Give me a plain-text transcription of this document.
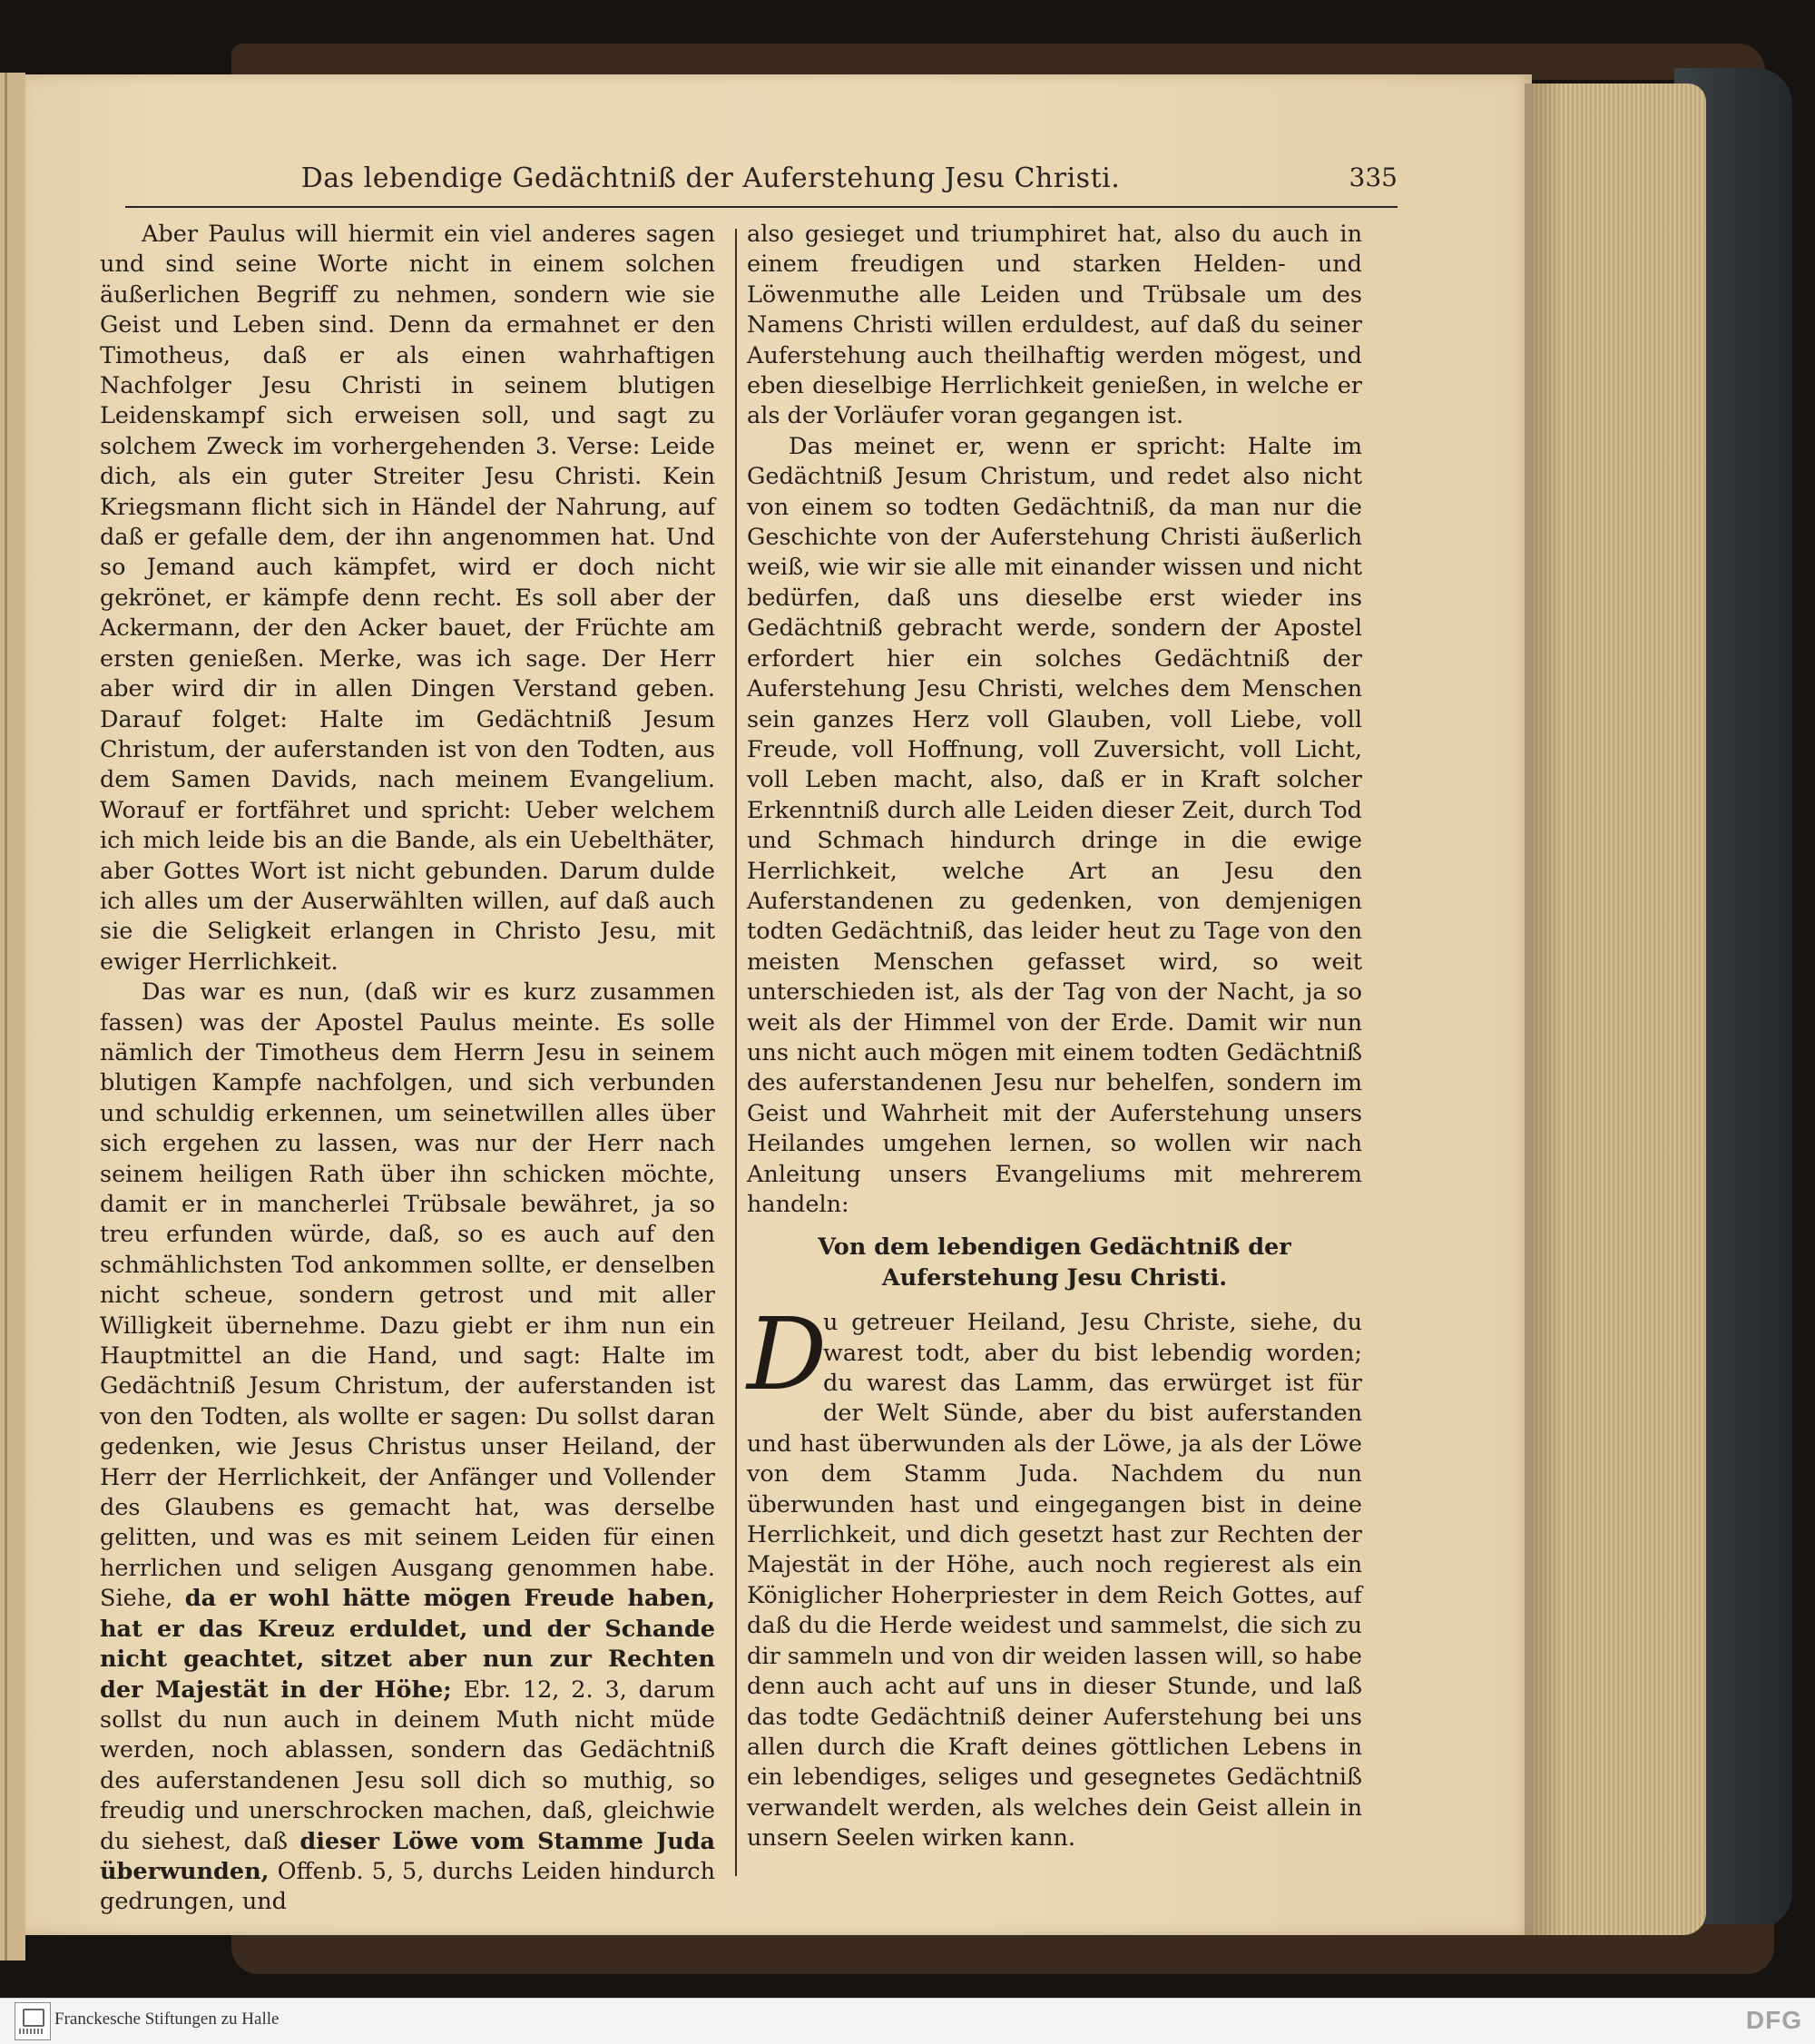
Das lebendige Gedächtniß der Auferstehung Jesu Christi.	335

Aber Paulus will hiermit ein viel anderes sagen und sind seine Worte nicht in einem solchen äußerlichen Begriff zu nehmen, sondern wie sie Geist und Leben sind. Denn da ermahnet er den Timotheus, daß er als einen wahrhaftigen Nachfolger Jesu Christi in seinem blutigen Leidenskampf sich erweisen soll, und sagt zu solchem Zweck im vorhergehenden 3. Verse: Leide dich, als ein guter Streiter Jesu Christi. Kein Kriegsmann flicht sich in Händel der Nahrung, auf daß er gefalle dem, der ihn angenommen hat. Und so Jemand auch kämpfet, wird er doch nicht gekrönet, er kämpfe denn recht. Es soll aber der Ackermann, der den Acker bauet, der Früchte am ersten genießen. Merke, was ich sage. Der Herr aber wird dir in allen Dingen Verstand geben. Darauf folget: Halte im Gedächtniß Jesum Christum, der auferstanden ist von den Todten, aus dem Samen Davids, nach meinem Evangelium. Worauf er fortfähret und spricht: Ueber welchem ich mich leide bis an die Bande, als ein Uebelthäter, aber Gottes Wort ist nicht gebunden. Darum dulde ich alles um der Auserwählten willen, auf daß auch sie die Seligkeit erlangen in Christo Jesu, mit ewiger Herrlichkeit.

Das war es nun, (daß wir es kurz zusammen fassen) was der Apostel Paulus meinte. Es solle nämlich der Timotheus dem Herrn Jesu in seinem blutigen Kampfe nachfolgen, und sich verbunden und schuldig erkennen, um seinetwillen alles über sich ergehen zu lassen, was nur der Herr nach seinem heiligen Rath über ihn schicken möchte, damit er in mancherlei Trübsale bewähret, ja so treu erfunden würde, daß, so es auch auf den schmählichsten Tod ankommen sollte, er denselben nicht scheue, sondern getrost und mit aller Willigkeit übernehme. Dazu giebt er ihm nun ein Hauptmittel an die Hand, und sagt: Halte im Gedächtniß Jesum Christum, der auferstanden ist von den Todten, als wollte er sagen: Du sollst daran gedenken, wie Jesus Christus unser Heiland, der Herr der Herrlichkeit, der Anfänger und Vollender des Glaubens es gemacht hat, was derselbe gelitten, und was es mit seinem Leiden für einen herrlichen und seligen Ausgang genommen habe. Siehe, da er wohl hätte mögen Freude haben, hat er das Kreuz erduldet, und der Schande nicht geachtet, sitzet aber nun zur Rechten der Majestät in der Höhe; Ebr. 12, 2. 3, darum sollst du nun auch in deinem Muth nicht müde werden, noch ablassen, sondern das Gedächtniß des auferstandenen Jesu soll dich so muthig, so freudig und unerschrocken machen, daß, gleichwie du siehest, daß dieser Löwe vom Stamme Juda überwunden, Offenb. 5, 5, durchs Leiden hindurch gedrungen, und

also gesieget und triumphiret hat, also du auch in einem freudigen und starken Helden- und Löwenmuthe alle Leiden und Trübsale um des Namens Christi willen erduldest, auf daß du seiner Auferstehung auch theilhaftig werden mögest, und eben dieselbige Herrlichkeit genießen, in welche er als der Vorläufer voran gegangen ist.

Das meinet er, wenn er spricht: Halte im Gedächtniß Jesum Christum, und redet also nicht von einem so todten Gedächtniß, da man nur die Geschichte von der Auferstehung Christi äußerlich weiß, wie wir sie alle mit einander wissen und nicht bedürfen, daß uns dieselbe erst wieder ins Gedächtniß gebracht werde, sondern der Apostel erfordert hier ein solches Gedächtniß der Auferstehung Jesu Christi, welches dem Menschen sein ganzes Herz voll Glauben, voll Liebe, voll Freude, voll Hoffnung, voll Zuversicht, voll Licht, voll Leben macht, also, daß er in Kraft solcher Erkenntniß durch alle Leiden dieser Zeit, durch Tod und Schmach hindurch dringe in die ewige Herrlichkeit, welche Art an Jesu den Auferstandenen zu gedenken, von demjenigen todten Gedächtniß, das leider heut zu Tage von den meisten Menschen gefasset wird, so weit unterschieden ist, als der Tag von der Nacht, ja so weit als der Himmel von der Erde. Damit wir nun uns nicht auch mögen mit einem todten Gedächtniß des auferstandenen Jesu nur behelfen, sondern im Geist und Wahrheit mit der Auferstehung unsers Heilandes umgehen lernen, so wollen wir nach Anleitung unsers Evangeliums mit mehrerem handeln:

Von dem lebendigen Gedächtniß der Auferstehung Jesu Christi.

D
u getreuer Heiland, Jesu Christe, siehe, du warest todt, aber du bist lebendig worden; du warest das Lamm, das erwürget ist für der Welt Sünde, aber du bist auferstanden und hast überwunden als der Löwe, ja als der Löwe von dem Stamm Juda. Nachdem du nun überwunden hast und eingegangen bist in deine Herrlichkeit, und dich gesetzt hast zur Rechten der Majestät in der Höhe, auch noch regierest als ein Königlicher Hoherpriester in dem Reich Gottes, auf daß du die Herde weidest und sammelst, die sich zu dir sammeln und von dir weiden lassen will, so habe denn auch acht auf uns in dieser Stunde, und laß das todte Gedächtniß deiner Auferstehung bei uns allen durch die Kraft deines göttlichen Lebens in ein lebendiges, seliges und gesegnetes Gedächtniß verwandelt werden, als welches dein Geist allein in unsern Seelen wirken kann.

Franckesche Stiftungen zu Halle	DFG
